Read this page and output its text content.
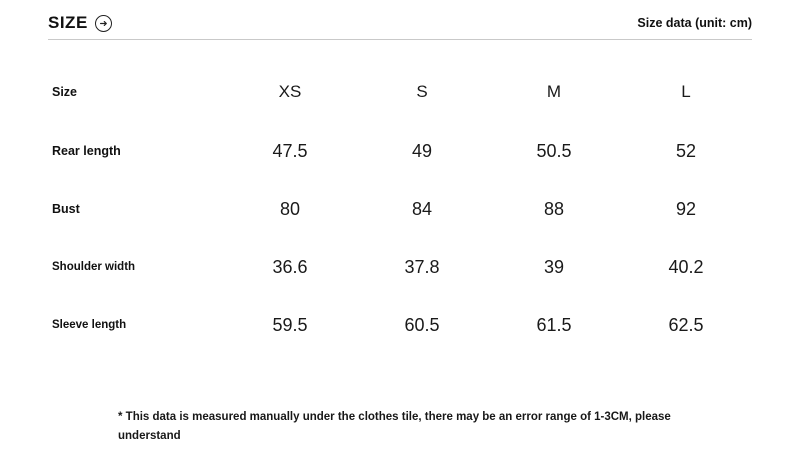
SIZE	Size data (unit: cm)
Size	XS	S	M	L
Rear length	47.5	49	50.5	52
Bust	80	84	88	92
Shoulder width	36.6	37.8	39	40.2
Sleeve length	59.5	60.5	61.5	62.5
* This data is measured manually under the clothes tile, there may be an error range of 1-3CM, please understand
